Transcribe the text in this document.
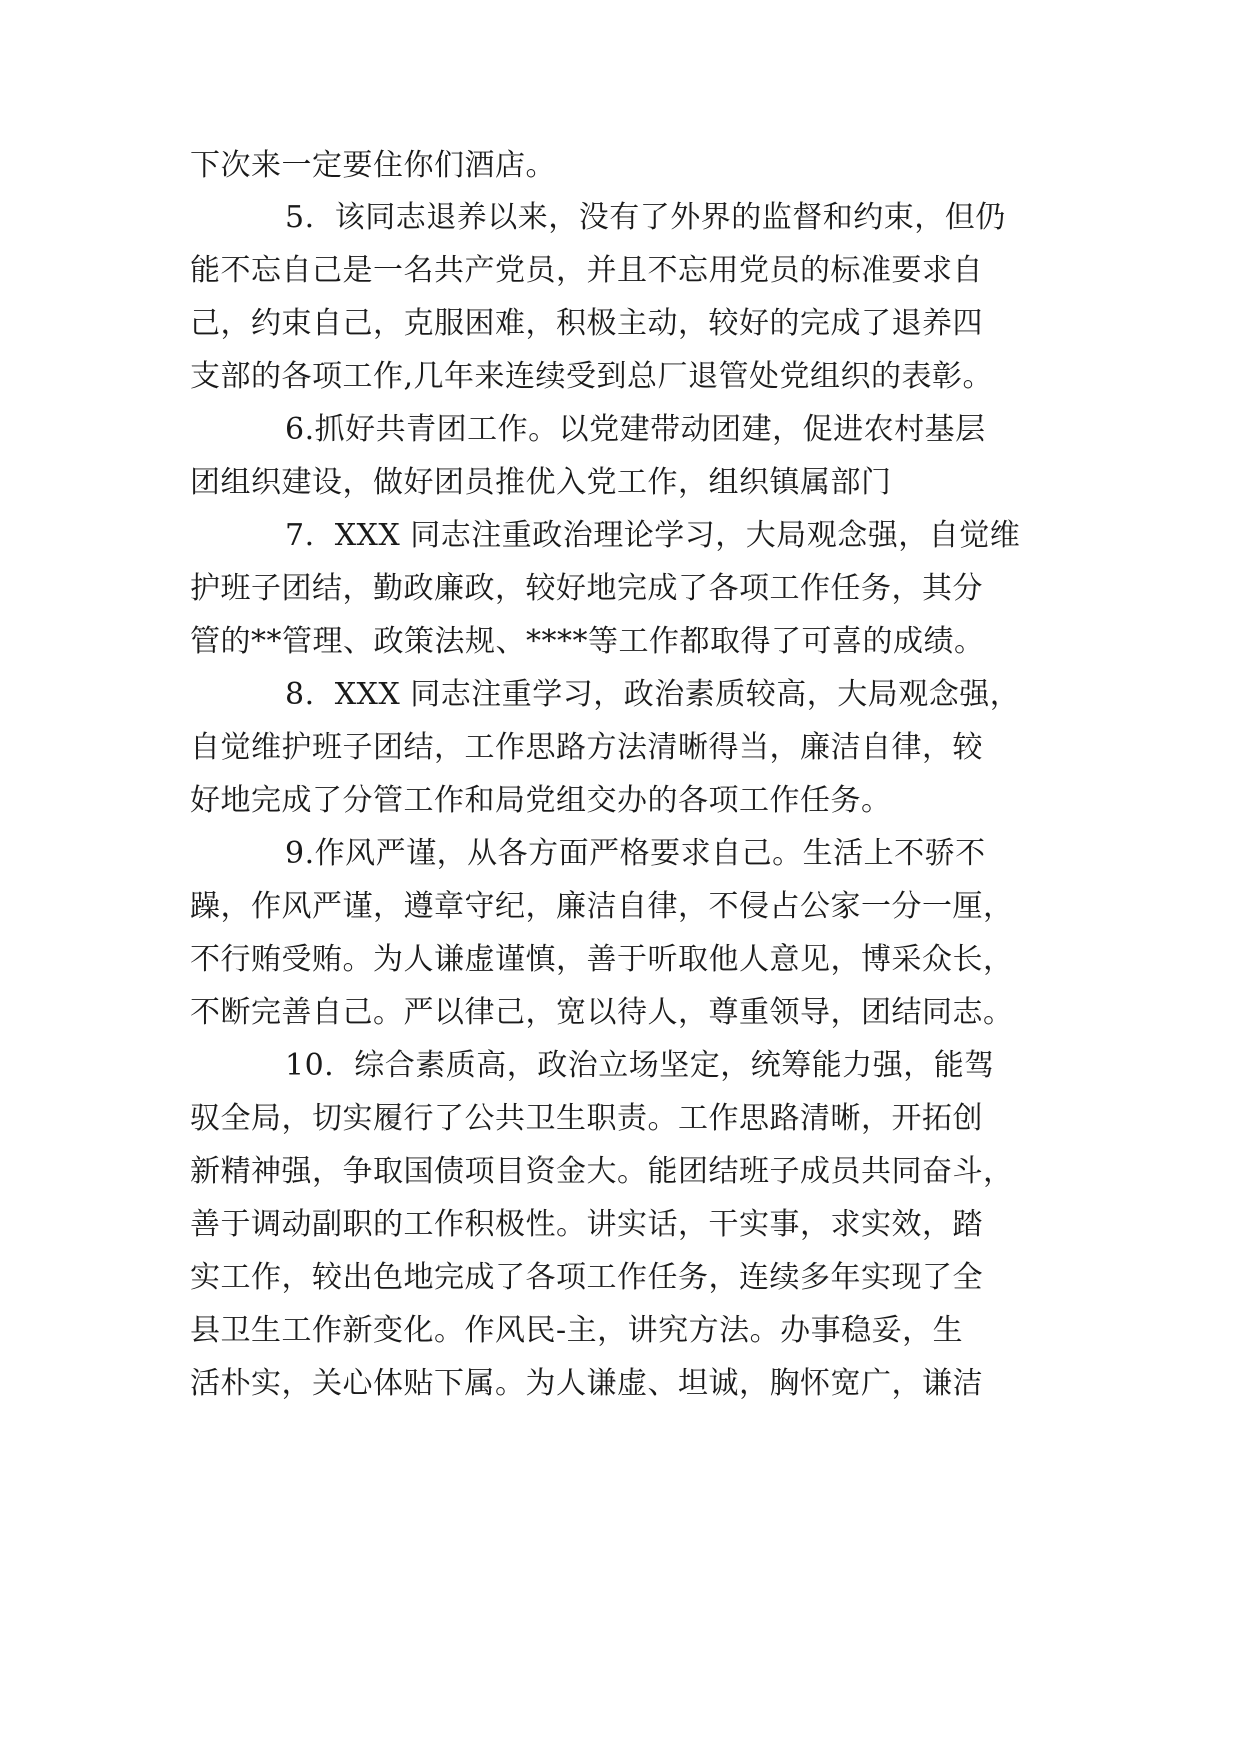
下次来一定要住你们酒店。

5.  该同志退养以来，没有了外界的监督和约束，但仍

能不忘自己是一名共产党员，并且不忘用党员的标准要求自

己，约束自己，克服困难，积极主动，较好的完成了退养四

支部的各项工作,几年来连续受到总厂退管处党组织的表彰。

6.抓好共青团工作。以党建带动团建，促进农村基层

团组织建设，做好团员推优入党工作，组织镇属部门

7.  XXX 同志注重政治理论学习，大局观念强，自觉维

护班子团结，勤政廉政，较好地完成了各项工作任务，其分

管的**管理、政策法规、****等工作都取得了可喜的成绩。

8.  XXX 同志注重学习，政治素质较高，大局观念强，

自觉维护班子团结，工作思路方法清晰得当，廉洁自律，较

好地完成了分管工作和局党组交办的各项工作任务。

9.作风严谨，从各方面严格要求自己。生活上不骄不

躁，作风严谨，遵章守纪，廉洁自律，不侵占公家一分一厘，

不行贿受贿。为人谦虚谨慎，善于听取他人意见，博采众长，

不断完善自己。严以律己，宽以待人，尊重领导，团结同志。

10.  综合素质高，政治立场坚定，统筹能力强，能驾

驭全局，切实履行了公共卫生职责。工作思路清晰，开拓创

新精神强，争取国债项目资金大。能团结班子成员共同奋斗，

善于调动副职的工作积极性。讲实话，干实事，求实效，踏

实工作，较出色地完成了各项工作任务，连续多年实现了全

县卫生工作新变化。作风民-主，讲究方法。办事稳妥，生

活朴实，关心体贴下属。为人谦虚、坦诚，胸怀宽广，谦洁
